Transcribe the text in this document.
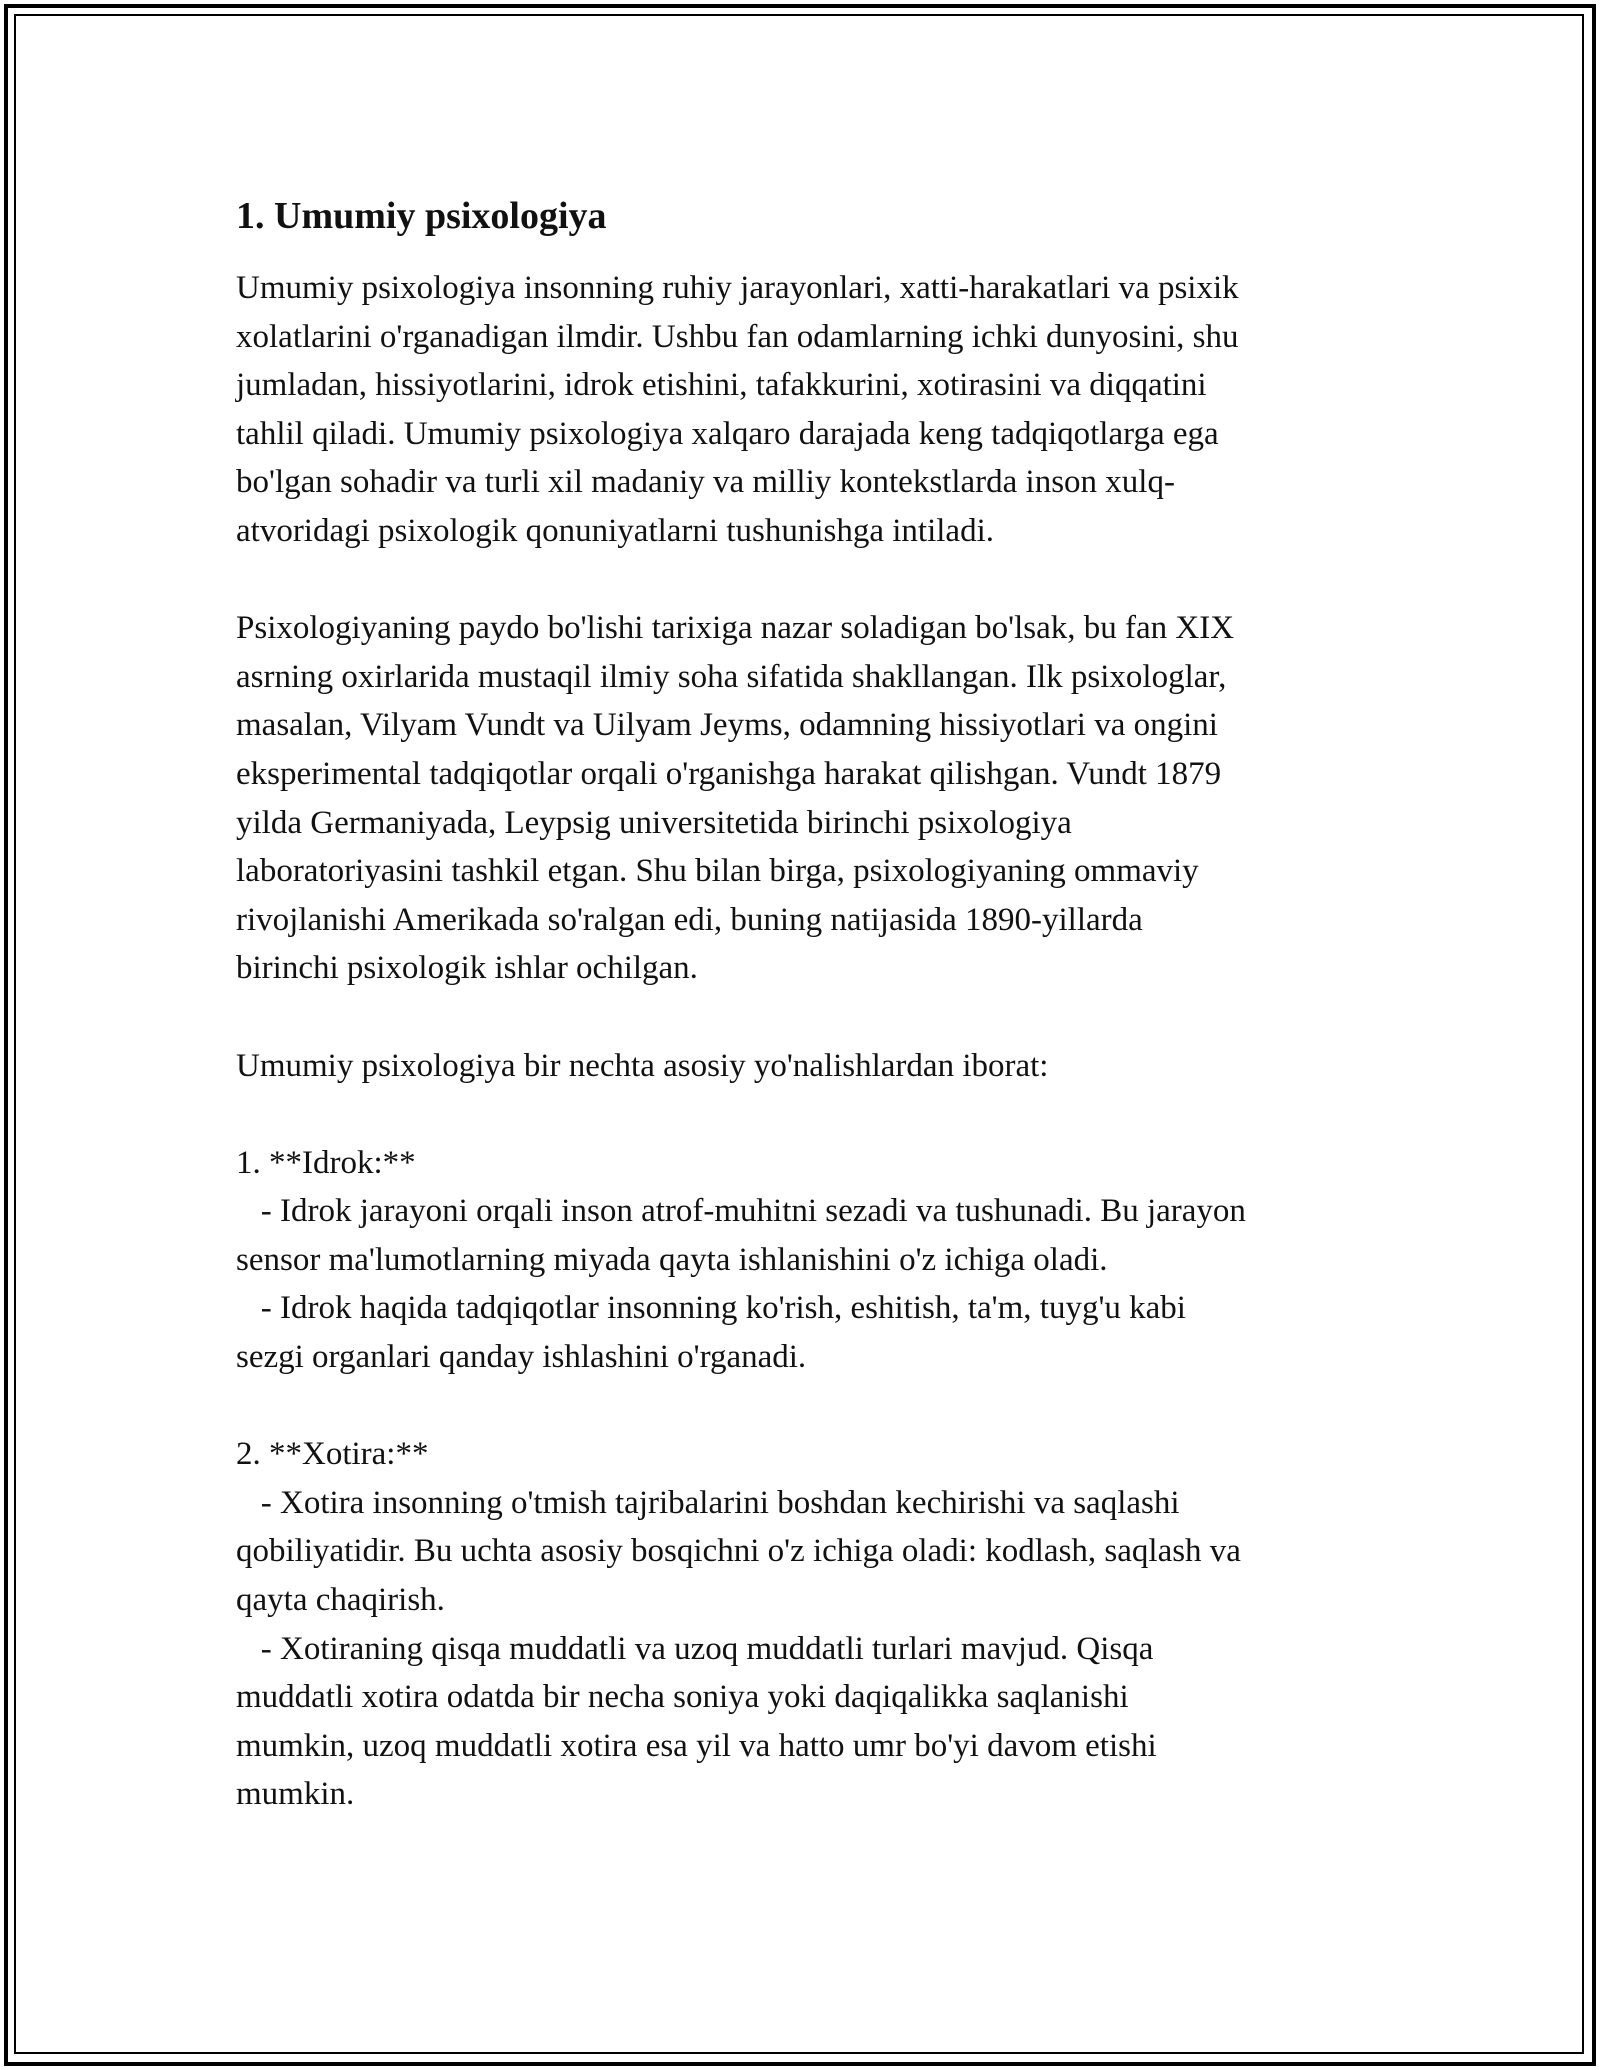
1. Umumiy psixologiya
Umumiy psixologiya insonning ruhiy jarayonlari, xatti-harakatlari va psixik
xolatlarini o'rganadigan ilmdir. Ushbu fan odamlarning ichki dunyosini, shu
jumladan, hissiyotlarini, idrok etishini, tafakkurini, xotirasini va diqqatini
tahlil qiladi. Umumiy psixologiya xalqaro darajada keng tadqiqotlarga ega
bo'lgan sohadir va turli xil madaniy va milliy kontekstlarda inson xulq-
atvoridagi psixologik qonuniyatlarni tushunishga intiladi.
Psixologiyaning paydo bo'lishi tarixiga nazar soladigan bo'lsak, bu fan XIX
asrning oxirlarida mustaqil ilmiy soha sifatida shakllangan. Ilk psixologlar,
masalan, Vilyam Vundt va Uilyam Jeyms, odamning hissiyotlari va ongini
eksperimental tadqiqotlar orqali o'rganishga harakat qilishgan. Vundt 1879
yilda Germaniyada, Leypsig universitetida birinchi psixologiya
laboratoriyasini tashkil etgan. Shu bilan birga, psixologiyaning ommaviy
rivojlanishi Amerikada so'ralgan edi, buning natijasida 1890-yillarda
birinchi psixologik ishlar ochilgan.
Umumiy psixologiya bir nechta asosiy yo'nalishlardan iborat:
1. **Idrok:**
- Idrok jarayoni orqali inson atrof-muhitni sezadi va tushunadi. Bu jarayon
sensor ma'lumotlarning miyada qayta ishlanishini o'z ichiga oladi.
- Idrok haqida tadqiqotlar insonning ko'rish, eshitish, ta'm, tuyg'u kabi
sezgi organlari qanday ishlashini o'rganadi.
2. **Xotira:**
- Xotira insonning o'tmish tajribalarini boshdan kechirishi va saqlashi
qobiliyatidir. Bu uchta asosiy bosqichni o'z ichiga oladi: kodlash, saqlash va
qayta chaqirish.
- Xotiraning qisqa muddatli va uzoq muddatli turlari mavjud. Qisqa
muddatli xotira odatda bir necha soniya yoki daqiqalikka saqlanishi
mumkin, uzoq muddatli xotira esa yil va hatto umr bo'yi davom etishi
mumkin.
